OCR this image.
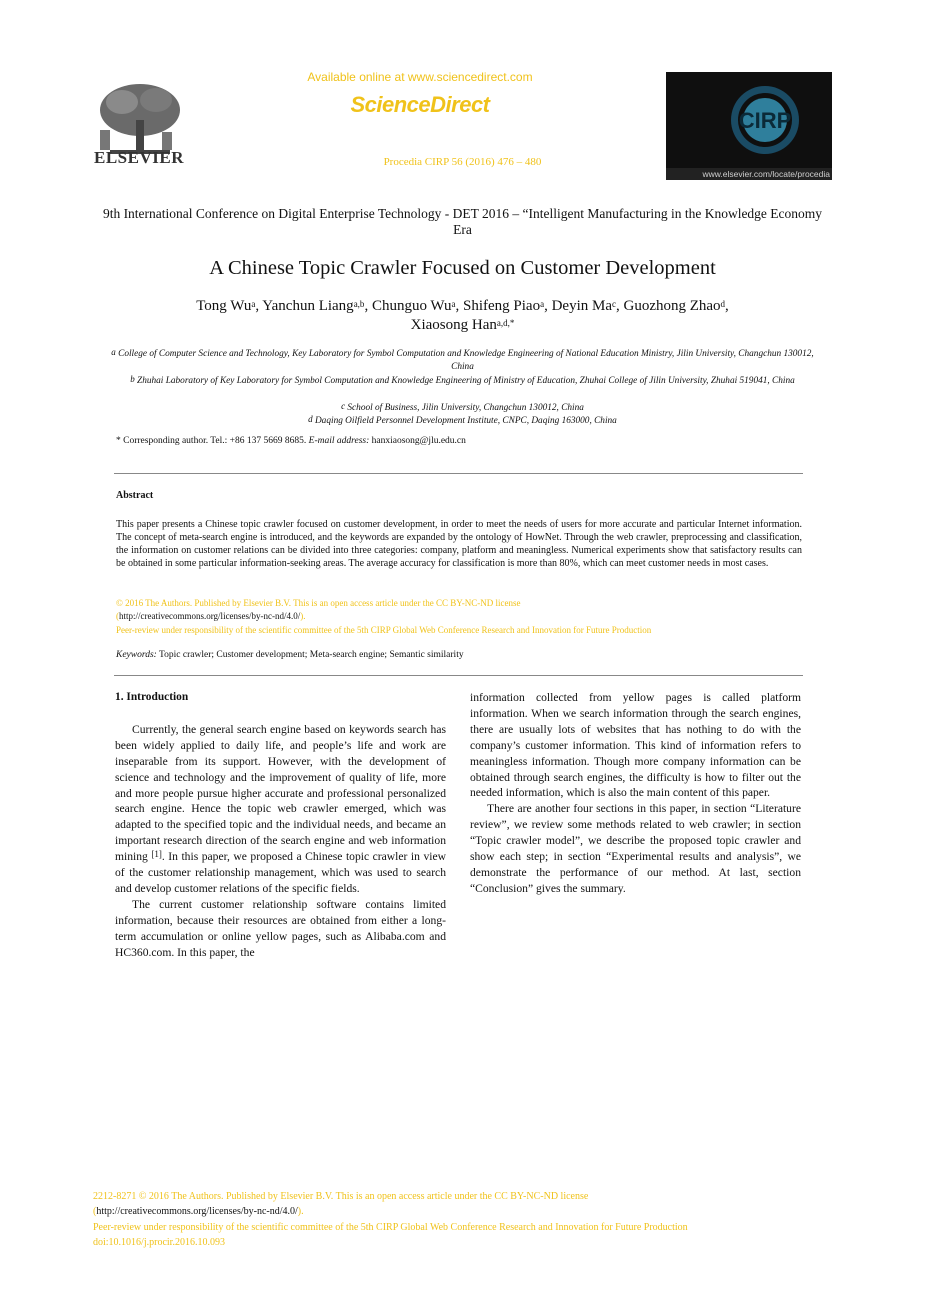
ELSEVIER
Available online at www.sciencedirect.com
ScienceDirect
Procedia CIRP 56 (2016) 476 – 480
CIRP
www.elsevier.com/locate/procedia
9th International Conference on Digital Enterprise Technology - DET 2016 – “Intelligent Manufacturing in the Knowledge Economy Era
A Chinese Topic Crawler Focused on Customer Development
Tong Wu$^a$, Yanchun Liang$^{a,b}$, Chunguo Wu$^a$, Shifeng Piao$^a$, Deyin Ma$^c$, Guozhong Zhao$^d$,
Xiaosong Han$^{a,d,*}$
$^a$ College of Computer Science and Technology, Key Laboratory for Symbol Computation and Knowledge Engineering of National Education Ministry, Jilin University, Changchun 130012, China
$^b$ Zhuhai Laboratory of Key Laboratory for Symbol Computation and Knowledge Engineering of Ministry of Education, Zhuhai College of Jilin University, Zhuhai 519041, China
$^c$ School of Business, Jilin University, Changchun 130012, China
$^d$ Daqing Oilfield Personnel Development Institute, CNPC, Daqing 163000, China
* Corresponding author. Tel.: +86 137 5669 8685. E-mail address: hanxiaosong@jlu.edu.cn
Abstract
This paper presents a Chinese topic crawler focused on customer development, in order to meet the needs of users for more accurate and particular Internet information. The concept of meta-search engine is introduced, and the keywords are expanded by the ontology of HowNet. Through the web crawler, preprocessing and classification, the information on customer relations can be divided into three categories: company, platform and meaningless. Numerical experiments show that satisfactory results can be obtained in some particular information-seeking areas. The average accuracy for classification is more than 80%, which can meet customer needs in most cases.
© 2016 The Authors. Published by Elsevier B.V. This is an open access article under the CC BY-NC-ND license
(http://creativecommons.org/licenses/by-nc-nd/4.0/).
Peer-review under responsibility of the scientific committee of the 5th CIRP Global Web Conference Research and Innovation for Future Production
Keywords: Topic crawler; Customer development; Meta-search engine; Semantic similarity

1. Introduction

Currently, the general search engine based on keywords search has been widely applied to daily life, and people’s life and work are inseparable from its support. However, with the development of science and technology and the improvement of quality of life, more and more people pursue higher accurate and professional personalized search engine. Hence the topic web crawler emerged, which was adapted to the specified topic and the individual needs, and became an important research direction of the search engine and web information mining [1]. In this paper, we proposed a Chinese topic crawler in view of the customer relationship management, which was used to search and develop customer relations of the specific fields.

The current customer relationship software contains limited information, because their resources are obtained from either a long-term accumulation or online yellow pages, such as Alibaba.com and HC360.com. In this paper, the

information collected from yellow pages is called platform information. When we search information through the search engines, there are usually lots of websites that has nothing to do with the company’s customer information. This kind of information refers to meaningless information. Though more company information can be obtained through search engines, the difficulty is how to filter out the needed information, which is also the main content of this paper.

There are another four sections in this paper, in section “Literature review”, we review some methods related to web crawler; in section “Topic crawler model”, we describe the proposed topic crawler and show each step; in section “Experimental results and analysis”, we demonstrate the performance of our method. At last, section “Conclusion” gives the summary.

2212-8271 © 2016 The Authors. Published by Elsevier B.V. This is an open access article under the CC BY-NC-ND license
(http://creativecommons.org/licenses/by-nc-nd/4.0/).
Peer-review under responsibility of the scientific committee of the 5th CIRP Global Web Conference Research and Innovation for Future Production
doi:10.1016/j.procir.2016.10.093
